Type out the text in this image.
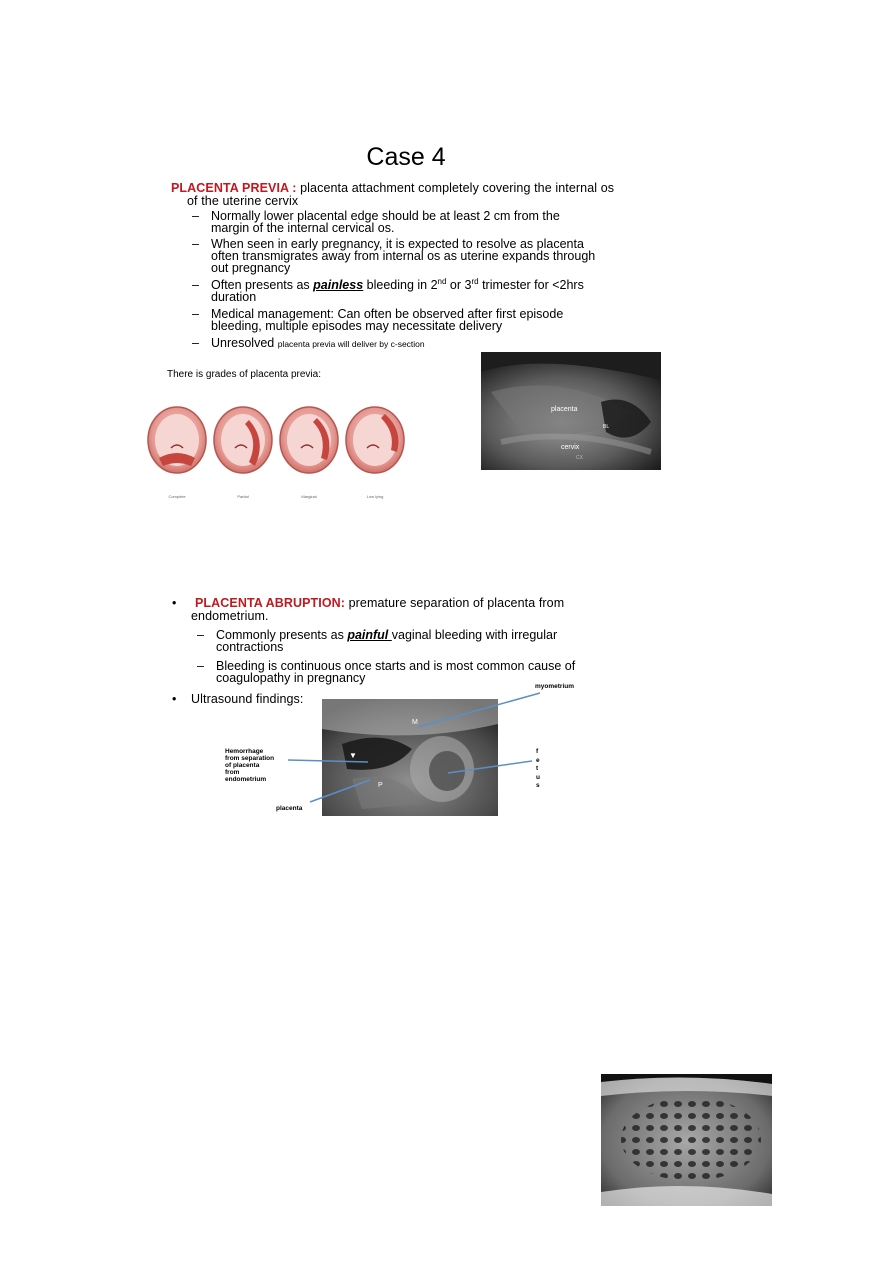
Case 4
PLACENTA PREVIA : placenta attachment completely covering the internal os
of the uterine cervix
– Normally lower placental edge should be at least 2 cm from the
margin of the internal cervical os.
– When seen in early pregnancy, it is expected to resolve as placenta
often transmigrates away from internal os as uterine expands through
out pregnancy
– Often presents as painless bleeding in 2nd or 3rd trimester for <2hrs
duration
– Medical management: Can often be observed after first episode
bleeding, multiple episodes may necessitate delivery
– Unresolved placenta previa will deliver by c-section
There is grades of placenta previa:
Complete	Partial	Marginal	Low lying
placenta
BL
cervix
CX
• PLACENTA ABRUPTION: premature separation of placenta from
endometrium.
– Commonly presents as painful vaginal bleeding with irregular
contractions
– Bleeding is continuous once starts and is most common cause of
coagulopathy in pregnancy
• Ultrasound findings:
M
P
▼
myometrium
Hemorrhage
from separation
of placenta
from
endometrium
placenta
f
e
t
u
s
